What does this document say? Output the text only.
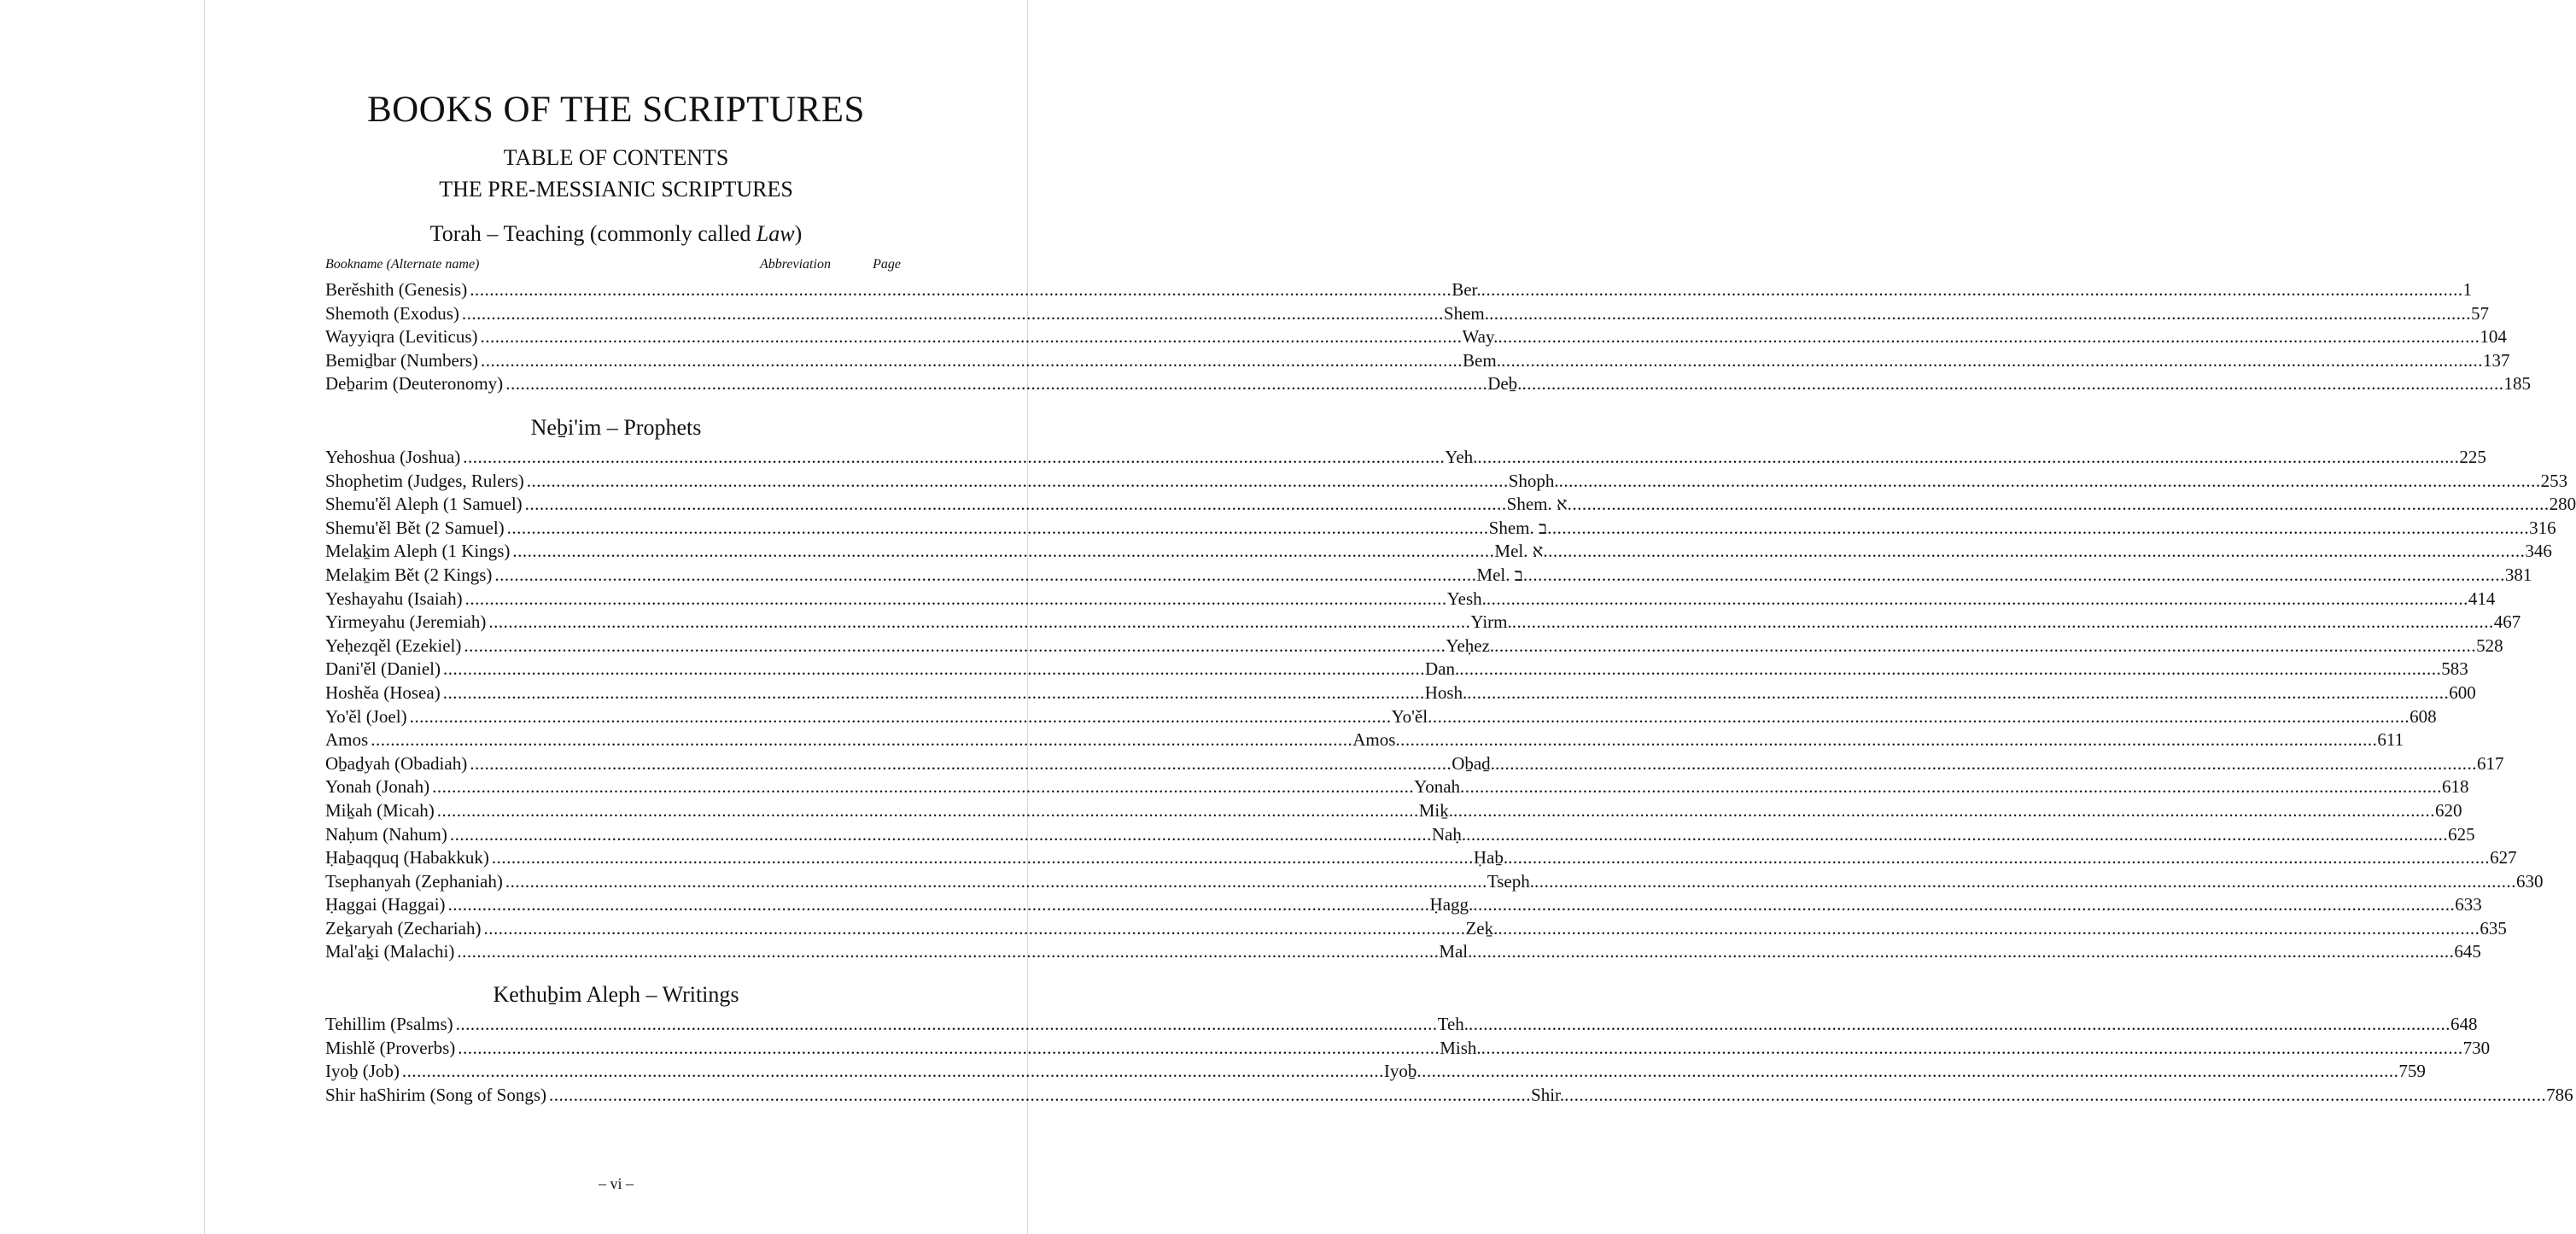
BOOKS OF THE SCRIPTURES
TABLE OF CONTENTS
THE PRE-MESSIANIC SCRIPTURES
Torah – Teaching (commonly called Law)
Bookname (Alternate name)	Abbreviation	Page
Berěshith (Genesis) ........................................................................................................................................................................................................ Ber. ........................................................................................................................................................................................................ 1
Shemoth (Exodus) ........................................................................................................................................................................................................ Shem. ........................................................................................................................................................................................................ 57
Wayyiqra (Leviticus) ........................................................................................................................................................................................................ Way. ........................................................................................................................................................................................................ 104
Bemiḏbar (Numbers) ........................................................................................................................................................................................................ Bem. ........................................................................................................................................................................................................ 137
Deḇarim (Deuteronomy) ........................................................................................................................................................................................................ Deḇ. ........................................................................................................................................................................................................ 185
Neḇi'im – Prophets
Yehoshua (Joshua) ........................................................................................................................................................................................................ Yeh. ........................................................................................................................................................................................................ 225
Shophetim (Judges, Rulers) ........................................................................................................................................................................................................ Shoph. ........................................................................................................................................................................................................ 253
Shemu'ěl Aleph (1 Samuel) ........................................................................................................................................................................................................ Shem. א ........................................................................................................................................................................................................ 280
Shemu'ěl Bět (2 Samuel) ........................................................................................................................................................................................................ Shem. ב ........................................................................................................................................................................................................ 316
Melaḵim Aleph (1 Kings) ........................................................................................................................................................................................................ Mel. א ........................................................................................................................................................................................................ 346
Melaḵim Bět (2 Kings) ........................................................................................................................................................................................................ Mel. ב ........................................................................................................................................................................................................ 381
Yeshayahu (Isaiah) ........................................................................................................................................................................................................ Yesh. ........................................................................................................................................................................................................ 414
Yirmeyahu (Jeremiah) ........................................................................................................................................................................................................ Yirm. ........................................................................................................................................................................................................ 467
Yeḥezqěl (Ezekiel) ........................................................................................................................................................................................................ Yeḥez. ........................................................................................................................................................................................................ 528
Dani'ěl (Daniel) ........................................................................................................................................................................................................ Dan. ........................................................................................................................................................................................................ 583
Hoshěa (Hosea) ........................................................................................................................................................................................................ Hosh. ........................................................................................................................................................................................................ 600
Yo'ěl (Joel) ........................................................................................................................................................................................................ Yo'ěl ........................................................................................................................................................................................................ 608
Amos ........................................................................................................................................................................................................ Amos ........................................................................................................................................................................................................ 611
Oḇaḏyah (Obadiah) ........................................................................................................................................................................................................ Oḇaḏ. ........................................................................................................................................................................................................ 617
Yonah (Jonah) ........................................................................................................................................................................................................ Yonah ........................................................................................................................................................................................................ 618
Miḵah (Micah) ........................................................................................................................................................................................................ Miḵ. ........................................................................................................................................................................................................ 620
Naḥum (Nahum) ........................................................................................................................................................................................................ Naḥ. ........................................................................................................................................................................................................ 625
Ḥaḇaqquq (Habakkuk) ........................................................................................................................................................................................................ Ḥaḇ. ........................................................................................................................................................................................................ 627
Tsephanyah (Zephaniah) ........................................................................................................................................................................................................ Tseph. ........................................................................................................................................................................................................ 630
Ḥaggai (Haggai) ........................................................................................................................................................................................................ Ḥagg. ........................................................................................................................................................................................................ 633
Zeḵaryah (Zechariah) ........................................................................................................................................................................................................ Zeḵ. ........................................................................................................................................................................................................ 635
Mal'aḵi (Malachi) ........................................................................................................................................................................................................ Mal. ........................................................................................................................................................................................................ 645
Kethuḇim Aleph – Writings
Tehillim (Psalms) ........................................................................................................................................................................................................ Teh. ........................................................................................................................................................................................................ 648
Mishlě (Proverbs) ........................................................................................................................................................................................................ Mish. ........................................................................................................................................................................................................ 730
Iyoḇ (Job) ........................................................................................................................................................................................................ Iyoḇ ........................................................................................................................................................................................................ 759
Shir haShirim (Song of Songs) ........................................................................................................................................................................................................ Shir. ........................................................................................................................................................................................................ 786
– vi –
